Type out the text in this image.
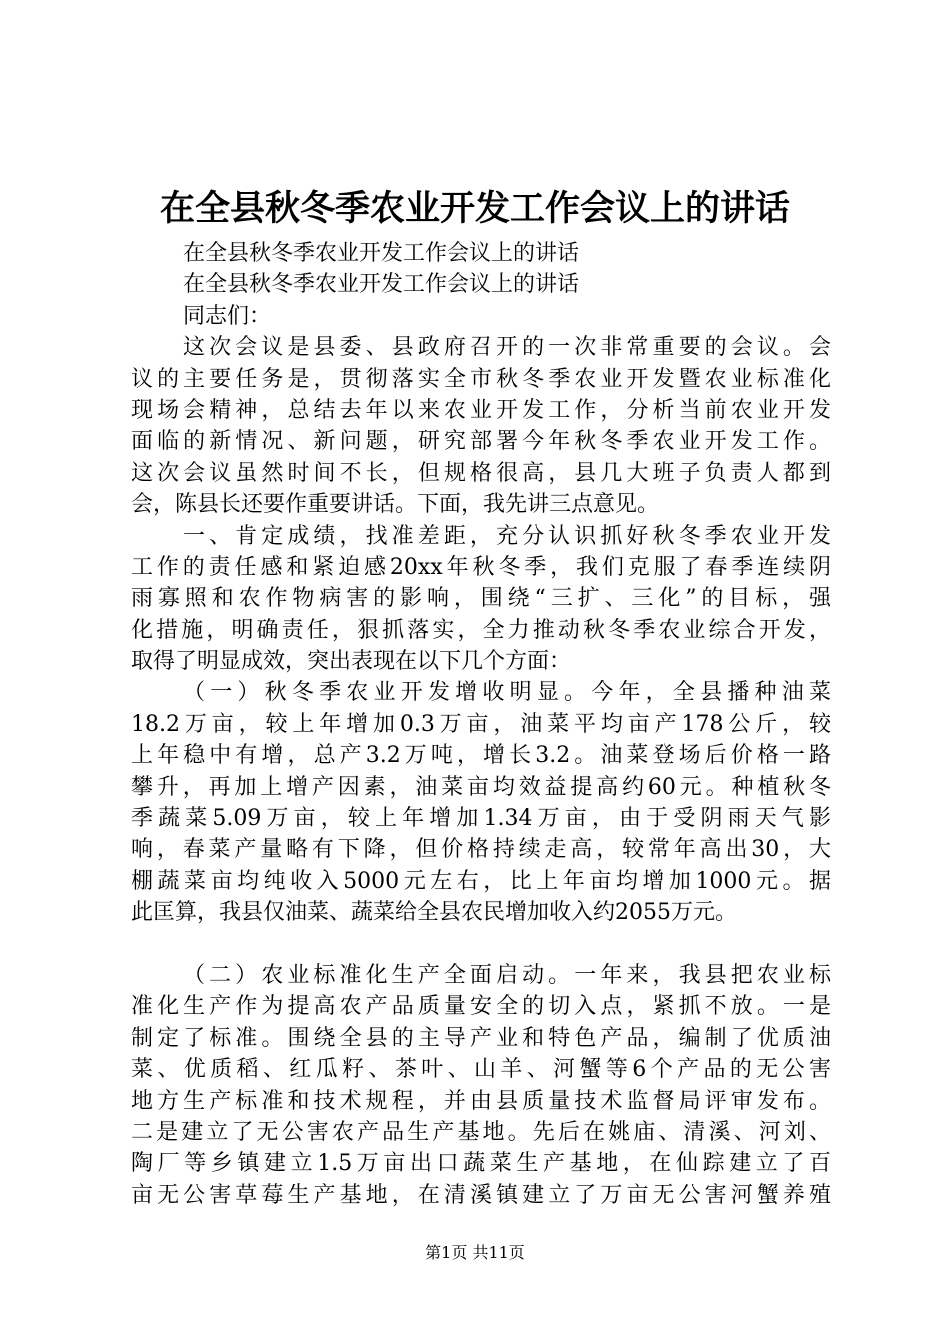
在全县秋冬季农业开发工作会议上的讲话
在全县秋冬季农业开发工作会议上的讲话
在全县秋冬季农业开发工作会议上的讲话
同志们：
这次会议是县委、县政府召开的一次非常重要的会议。会
议的主要任务是，贯彻落实全市秋冬季农业开发暨农业标准化
现场会精神，总结去年以来农业开发工作，分析当前农业开发
面临的新情况、新问题，研究部署今年秋冬季农业开发工作。
这次会议虽然时间不长，但规格很高，县几大班子负责人都到
会，陈县长还要作重要讲话。下面，我先讲三点意见。
一、肯定成绩，找准差距，充分认识抓好秋冬季农业开发
工作的责任感和紧迫感20xx年秋冬季，我们克服了春季连续阴
雨寡照和农作物病害的影响，围绕“三扩、三化”的目标，强
化措施，明确责任，狠抓落实，全力推动秋冬季农业综合开发，
取得了明显成效，突出表现在以下几个方面：
（一）秋冬季农业开发增收明显。今年，全县播种油菜
18.2万亩，较上年增加0.3万亩，油菜平均亩产178公斤，较
上年稳中有增，总产3.2万吨，增长3.2。油菜登场后价格一路
攀升，再加上增产因素，油菜亩均效益提高约60元。种植秋冬
季蔬菜5.09万亩，较上年增加1.34万亩，由于受阴雨天气影
响，春菜产量略有下降，但价格持续走高，较常年高出30，大
棚蔬菜亩均纯收入5000元左右，比上年亩均增加1000元。据
此匡算，我县仅油菜、蔬菜给全县农民增加收入约2055万元。
（二）农业标准化生产全面启动。一年来，我县把农业标
准化生产作为提高农产品质量安全的切入点，紧抓不放。一是
制定了标准。围绕全县的主导产业和特色产品，编制了优质油
菜、优质稻、红瓜籽、茶叶、山羊、河蟹等6个产品的无公害
地方生产标准和技术规程，并由县质量技术监督局评审发布。
二是建立了无公害农产品生产基地。先后在姚庙、清溪、河刘、
陶厂等乡镇建立1.5万亩出口蔬菜生产基地，在仙踪建立了百
亩无公害草莓生产基地，在清溪镇建立了万亩无公害河蟹养殖
第1页 共11页
